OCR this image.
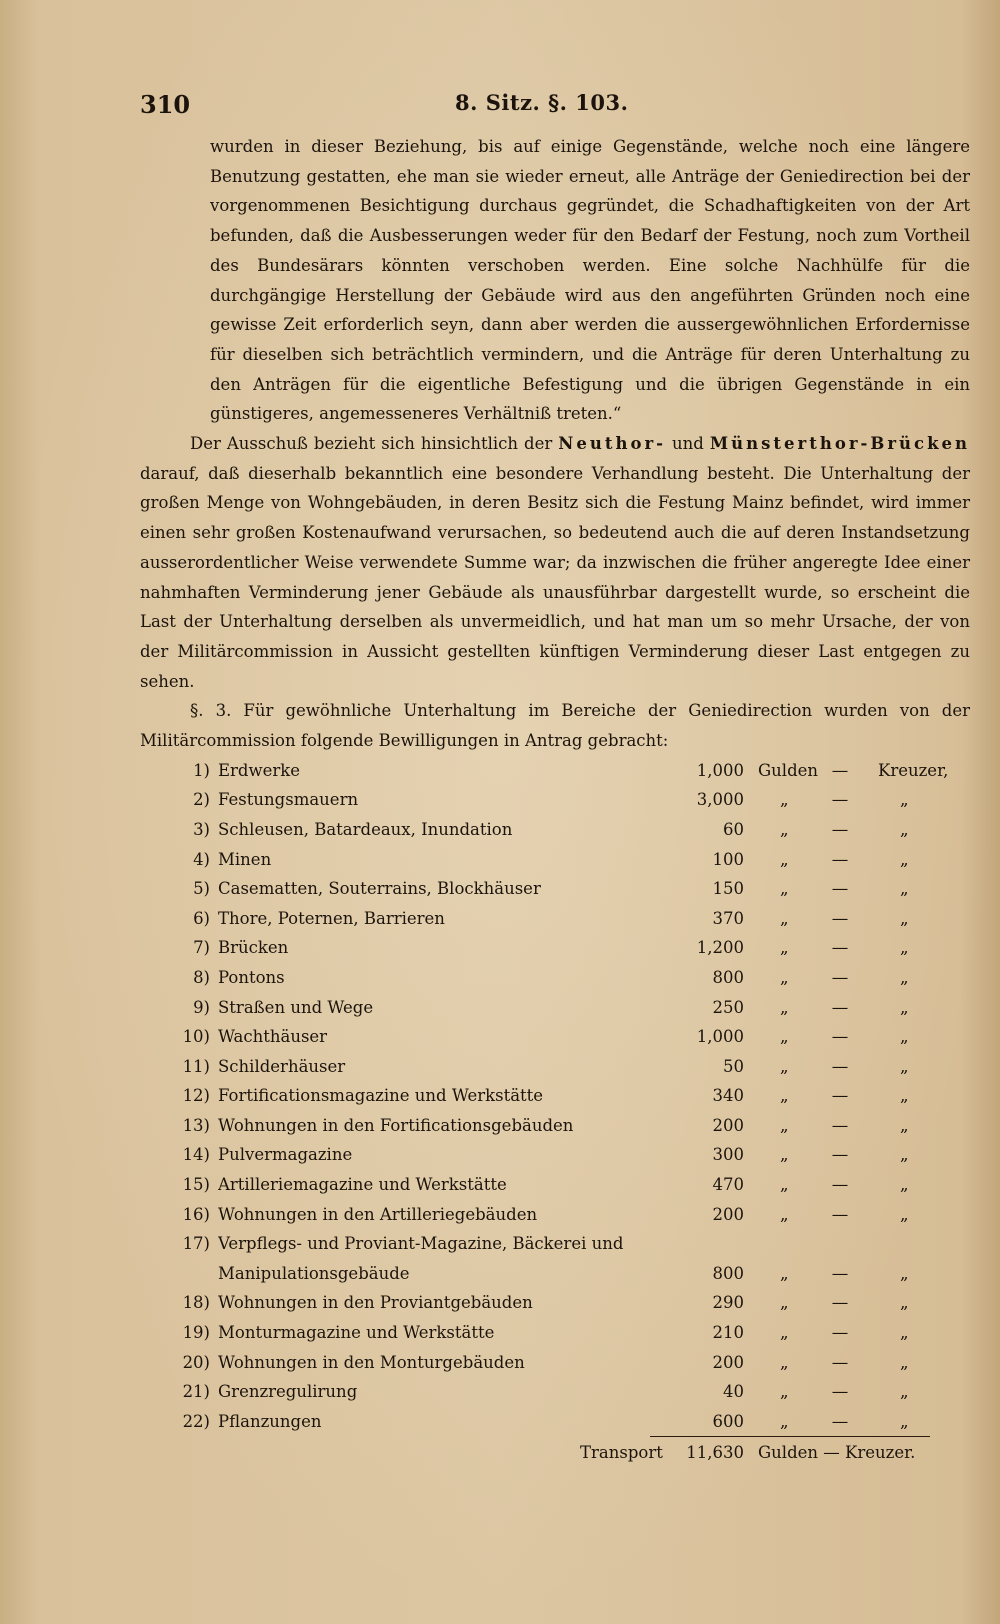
310	8. Sitz. §. 103.

wurden in dieser Beziehung, bis auf einige Gegenstände, welche noch eine längere Benutzung gestatten, ehe man sie wieder erneut, alle Anträge der Geniedirection bei der vorgenommenen Besichtigung durchaus gegründet, die Schadhaftigkeiten von der Art befunden, daß die Ausbesserungen weder für den Bedarf der Festung, noch zum Vortheil des Bundesärars könnten verschoben werden. Eine solche Nachhülfe für die durchgängige Herstellung der Gebäude wird aus den angeführten Gründen noch eine gewisse Zeit erforderlich seyn, dann aber werden die aussergewöhnlichen Erfordernisse für dieselben sich beträchtlich vermindern, und die Anträge für deren Unterhaltung zu den Anträgen für die eigentliche Befestigung und die übrigen Gegenstände in ein günstigeres, angemesseneres Verhältniß treten.“

Der Ausschuß bezieht sich hinsichtlich der Neuthor- und Münsterthor-Brücken darauf, daß dieserhalb bekanntlich eine besondere Verhandlung besteht. Die Unterhaltung der großen Menge von Wohngebäuden, in deren Besitz sich die Festung Mainz befindet, wird immer einen sehr großen Kostenaufwand verursachen, so bedeutend auch die auf deren Instandsetzung ausserordentlicher Weise verwendete Summe war; da inzwischen die früher angeregte Idee einer nahmhaften Verminderung jener Gebäude als unausführbar dargestellt wurde, so erscheint die Last der Unterhaltung derselben als unvermeidlich, und hat man um so mehr Ursache, der von der Militärcommission in Aussicht gestellten künftigen Verminderung dieser Last entgegen zu sehen.

§. 3. Für gewöhnliche Unterhaltung im Bereiche der Geniedirection wurden von der Militärcommission folgende Bewilligungen in Antrag gebracht:

1) Erdwerke	1,000 Gulden —	Kreuzer,
2) Festungsmauern	3,000 „	—	„
3) Schleusen, Batardeaux, Inundation	60 „	—	„
4) Minen	100 „	—	„
5) Casematten, Souterrains, Blockhäuser	150 „	—	„
6) Thore, Poternen, Barrieren	370 „	—	„
7) Brücken	1,200 „	—	„
8) Pontons	800 „	—	„
9) Straßen und Wege	250 „	—	„
10) Wachthäuser	1,000 „	—	„
11) Schilderhäuser	50 „	—	„
12) Fortificationsmagazine und Werkstätte	340 „	—	„
13) Wohnungen in den Fortificationsgebäuden	200 „	—	„
14) Pulvermagazine	300 „	—	„
15) Artilleriemagazine und Werkstätte	470 „	—	„
16) Wohnungen in den Artilleriegebäuden	200 „	—	„
17) Verpflegs- und Proviant-Magazine, Bäckerei und
Manipulationsgebäude	800 „	—	„
18) Wohnungen in den Proviantgebäuden	290 „	—	„
19) Monturmagazine und Werkstätte	210 „	—	„
20) Wohnungen in den Monturgebäuden	200 „	—	„
21) Grenzregulirung	40 „	—	„
22) Pflanzungen	600 „	—	„
Transport	11,630 Gulden — Kreuzer.
